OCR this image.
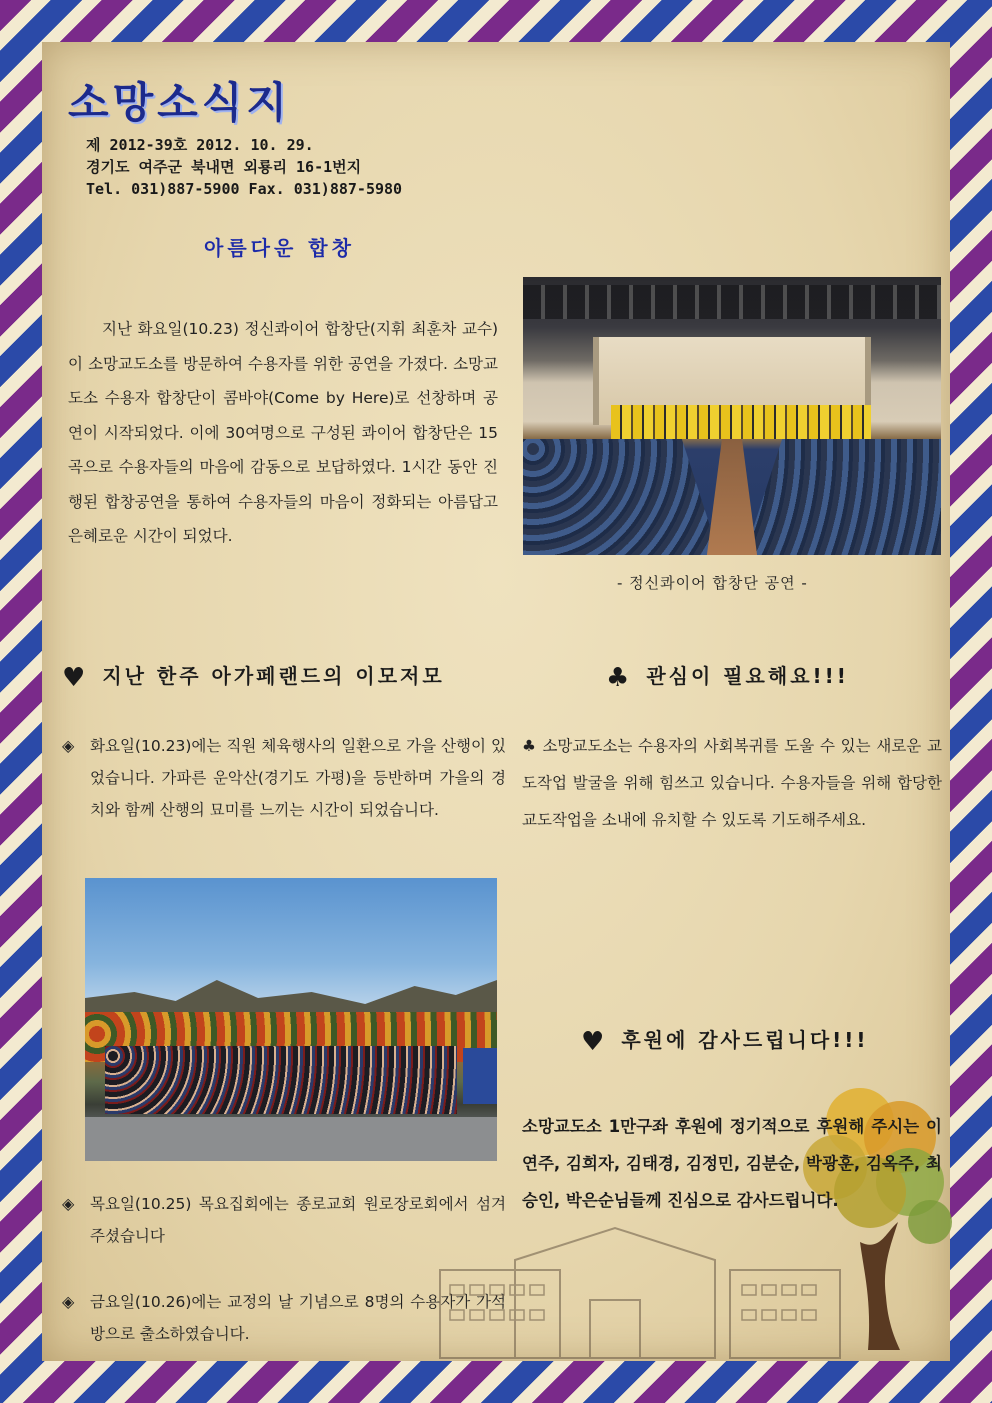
소망소식지
제 2012-39호 2012. 10. 29.
경기도 여주군 북내면 외룡리 16-1번지
Tel. 031)887-5900 Fax. 031)887-5980
아름다운 합창
지난 화요일(10.23) 정신콰이어 합창단(지휘 최훈차 교수)이 소망교도소를 방문하여 수용자를 위한 공연을 가졌다. 소망교도소 수용자 합창단이 콤바야(Come by Here)로 선창하며 공연이 시작되었다. 이에 30여명으로 구성된 콰이어 합창단은 15곡으로 수용자들의 마음에 감동으로 보답하였다. 1시간 동안 진행된 합창공연을 통하여 수용자들의 마음이 정화되는 아름답고 은혜로운 시간이 되었다.
- 정신콰이어 합창단 공연 -
♥ 지난 한주 아가페랜드의 이모저모	♣ 관심이 필요해요!!!
◈ 화요일(10.23)에는 직원 체육행사의 일환으로 가을 산행이 있었습니다. 가파른 운악산(경기도 가평)을 등반하며 가을의 경치와 함께 산행의 묘미를 느끼는 시간이 되었습니다.
♣ 소망교도소는 수용자의 사회복귀를 도울 수 있는 새로운 교도작업 발굴을 위해 힘쓰고 있습니다. 수용자들을 위해 합당한 교도작업을 소내에 유치할 수 있도록 기도해주세요.
♥ 후원에 감사드립니다!!!
소망교도소 1만구좌 후원에 정기적으로 후원해 주시는 이연주, 김희자, 김태경, 김정민, 김분순, 박광훈, 김옥주, 최승인, 박은순님들께 진심으로 감사드립니다.
◈ 목요일(10.25) 목요집회에는 종로교회 원로장로회에서 섬겨주셨습니다
◈ 금요일(10.26)에는 교정의 날 기념으로 8명의 수용자가 가석방으로 출소하였습니다.
